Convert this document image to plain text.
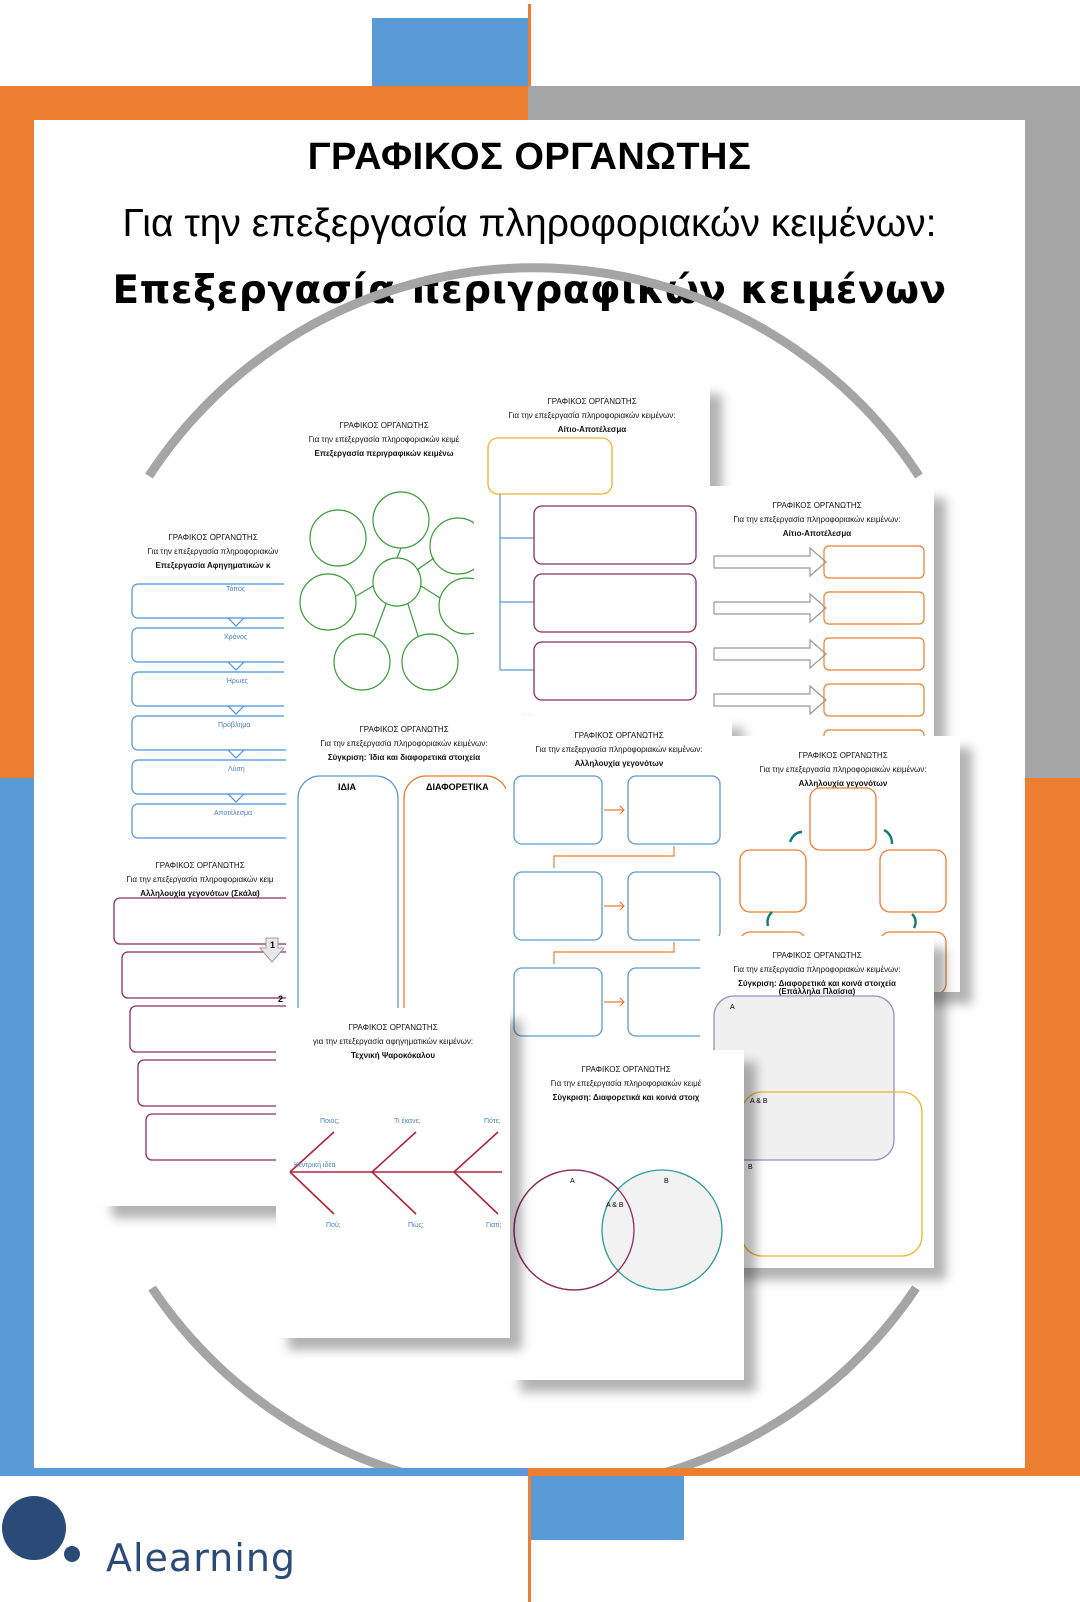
ΓΡΑΦΙΚΟΣ ΟΡΓΑΝΩΤΗΣ
Για την επεξεργασία πληροφοριακών κειμένων:
Επεξεργασία περιγραφικών κειμένων
ΓΡΑΦΙΚΟΣ ΟΡΓΑΝΩΤΗΣ
Για την επεξεργασία πληροφοριακών
Επεξεργασία Αφηγηματικών κ
Τόπος
Χρόνος
Ήρωες
Πρόβλημα
Λύση
Αποτέλεσμα
ΓΡΑΦΙΚΟΣ ΟΡΓΑΝΩΤΗΣ
Για την επεξεργασία πληροφοριακών κειμ
Αλληλουχία γεγονότων (Σκάλα)
1
2
ΓΡΑΦΙΚΟΣ ΟΡΓΑΝΩΤΗΣ
Για την επεξεργασία πληροφοριακών κειμέ
Επεξεργασία περιγραφικών κειμένω
ΓΡΑΦΙΚΟΣ ΟΡΓΑΝΩΤΗΣ
Για την επεξεργασία πληροφοριακών κειμένων:
Αίτιο-Αποτέλεσμα
ΓΡΑΦΙΚΟΣ ΟΡΓΑΝΩΤΗΣ
Για την επεξεργασία πληροφοριακών κειμένων:
Αίτιο-Αποτέλεσμα
ΓΡΑΦΙΚΟΣ ΟΡΓΑΝΩΤΗΣ
Για την επεξεργασία πληροφοριακών κειμένων:
Σύγκριση: Ίδια και διαφορετικά στοιχεία
ΙΔΙΑ	ΔΙΑΦΟΡΕΤΙΚΑ
ΓΡΑΦΙΚΟΣ ΟΡΓΑΝΩΤΗΣ
Για την επεξεργασία πληροφοριακών κειμένων:
Αλληλουχία γεγονότων
ΓΡΑΦΙΚΟΣ ΟΡΓΑΝΩΤΗΣ
Για την επεξεργασία πληροφοριακών κειμένων:
Αλληλουχία γεγονότων
ΓΡΑΦΙΚΟΣ ΟΡΓΑΝΩΤΗΣ
Για την επεξεργασία πληροφοριακών κειμένων:
Σύγκριση: Διαφορετικά και κοινά στοιχεία
(Επάλληλα Πλαίσια)
Α
Α & Β
Β
ΓΡΑΦΙΚΟΣ ΟΡΓΑΝΩΤΗΣ
Για την επεξεργασία πληροφοριακών κειμέ
Σύγκριση: Διαφορετικά και κοινά στοιχ
Α	Β
Α & Β
ΓΡΑΦΙΚΟΣ ΟΡΓΑΝΩΤΗΣ
για την επεξεργασία αφηγηματικών κειμένων:
Τεχνική Ψαροκόκαλου
Ποιος;	Τι έκανε;	Πότε;
Κεντρική ιδέα
Πού;	Πώς;	Γιατί;
Alearning
